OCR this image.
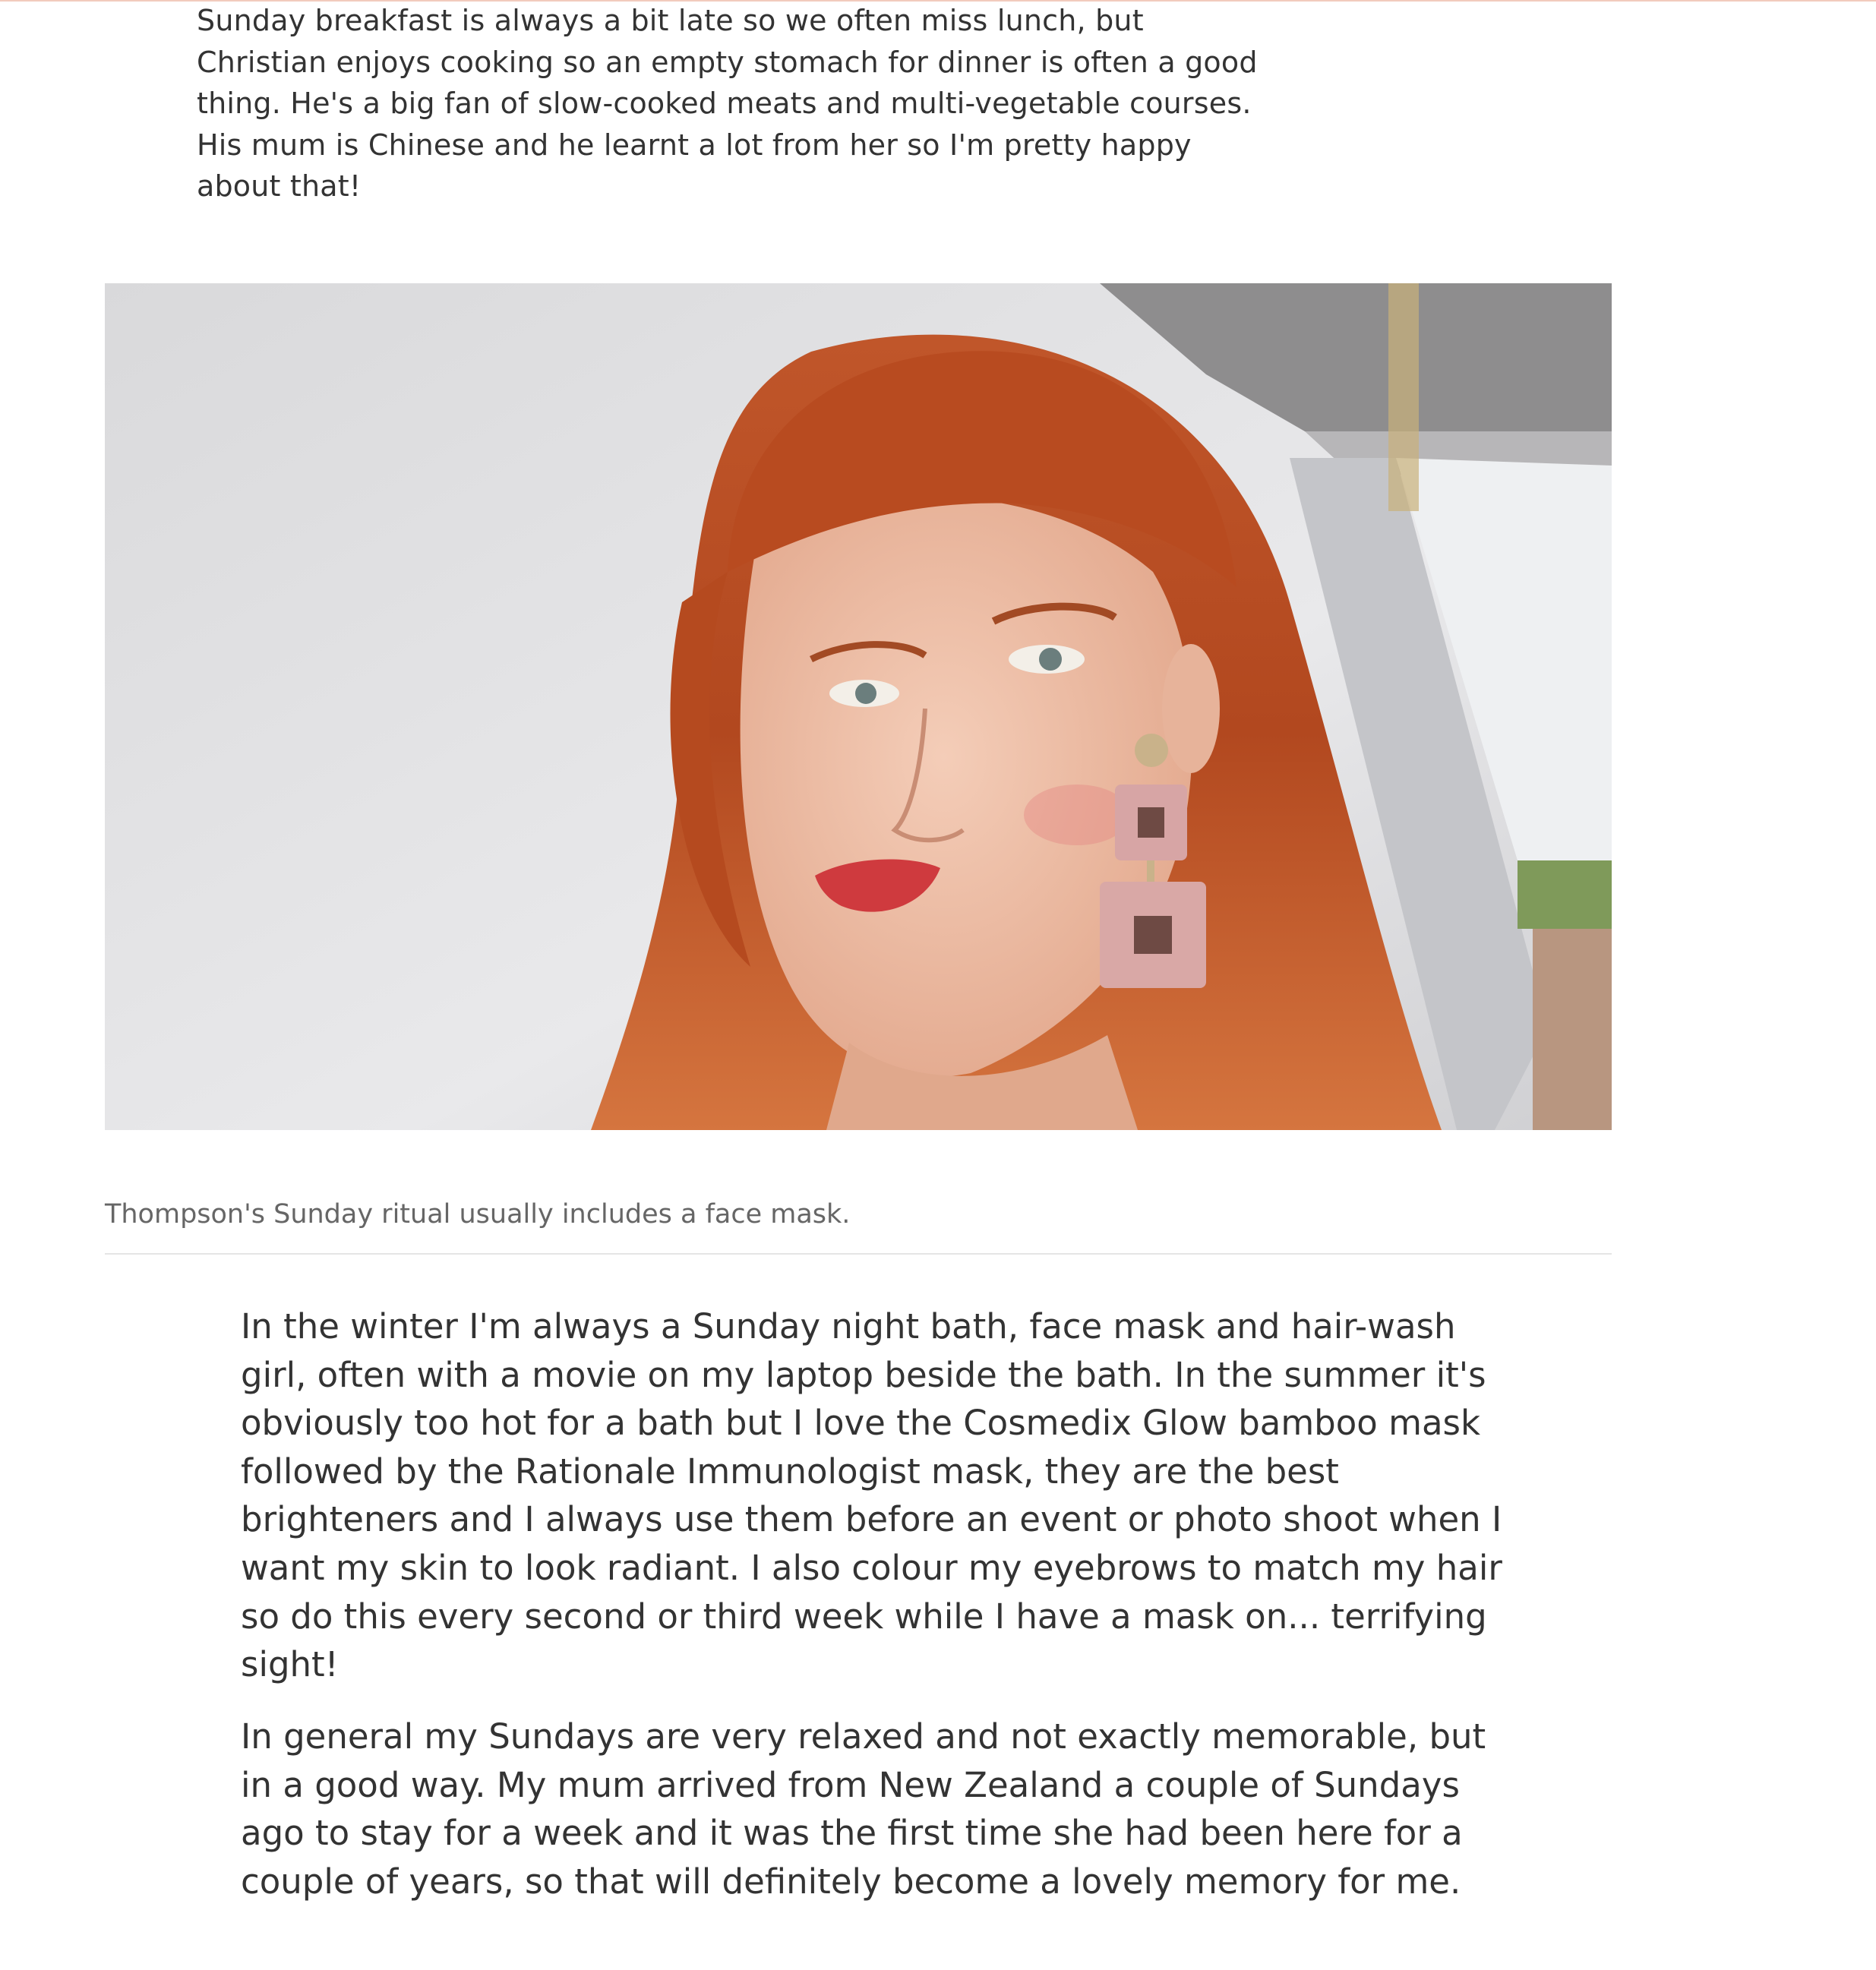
Sunday breakfast is always a bit late so we often miss lunch, but
Christian enjoys cooking so an empty stomach for dinner is often a good
thing. He's a big fan of slow-cooked meats and multi-vegetable courses.
His mum is Chinese and he learnt a lot from her so I'm pretty happy
about that!

Thompson's Sunday ritual usually includes a face mask.

In the winter I'm always a Sunday night bath, face mask and hair-wash
girl, often with a movie on my laptop beside the bath. In the summer it's
obviously too hot for a bath but I love the Cosmedix Glow bamboo mask
followed by the Rationale Immunologist mask, they are the best
brighteners and I always use them before an event or photo shoot when I
want my skin to look radiant. I also colour my eyebrows to match my hair
so do this every second or third week while I have a mask on... terrifying
sight!

In general my Sundays are very relaxed and not exactly memorable, but
in a good way. My mum arrived from New Zealand a couple of Sundays
ago to stay for a week and it was the first time she had been here for a
couple of years, so that will definitely become a lovely memory for me.
